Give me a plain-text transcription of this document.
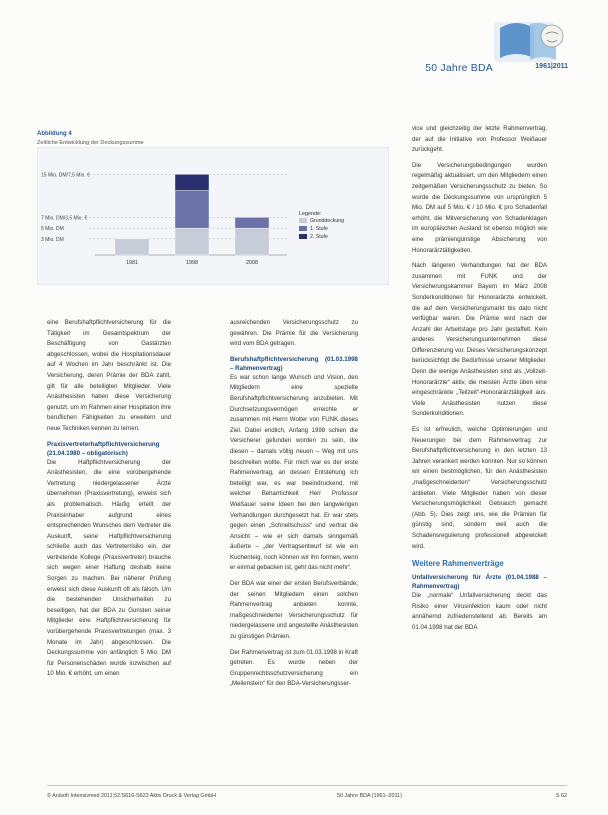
50 Jahre BDA	1961|2011
Abbildung 4
Zeitliche Entwicklung der Deckungssumme
15 Mio. DM/7,5 Mio. €
7 Mio. DM/3,5 Mio. €
5 Mio. DM
3 Mio. DM
1981	1998	2008
Legende:
Grunddeckung
1. Stufe
2. Stufe

eine Berufshaftpflichtversicherung für die Tätigkeit im Gesamtspektrum der Beschäftigung von Gastärzten abgeschlossen, wobei die Hospitationsdauer auf 4 Wochen im Jahr beschränkt ist. Die Versicherung, deren Prämie der BDA zahlt, gilt für alle beteiligten Mitglieder. Viele Anästhesisten haben diese Versicherung genutzt, um im Rahmen einer Hospitation ihre beruflichen Fähigkeiten zu erweitern und neue Techniken kennen zu lernen.

Praxisvertreterhaftpflichtversicherung (21.04.1980 – obligatorisch)

Die Haftpflichtversicherung der Anästhesisten, die eine vorübergehende Vertretung niedergelassener Ärzte übernehmen (Praxisvertretung), erweist sich als problematisch. Häufig erteilt der Praxisinhaber aufgrund eines entsprechenden Wunsches dem Vertreter die Auskunft, seine Haftpflichtversicherung schließe auch das Vertreterrisiko ein, der vertretende Kollege (Praxisvertreter) brauche sich wegen einer Haftung deshalb keine Sorgen zu machen. Bei näherer Prüfung erweist sich diese Auskunft oft als falsch. Um die bestehenden Unsicherheiten zu beseitigen, hat der BDA zu Gunsten seiner Mitglieder eine Haftpflichtversicherung für vorübergehende Praxisvertretungen (max. 3 Monate im Jahr) abgeschlossen. Die Deckungssumme von anfänglich 5 Mio. DM für Personenschäden wurde inzwischen auf 10 Mio. € erhöht, um einen

ausreichenden Versicherungsschutz zu gewähren. Die Prämie für die Versicherung wird vom BDA getragen.

Berufshaftpflichtversicherung (01.03.1998 – Rahmenvertrag)

Es war schon lange Wunsch und Vision, den Mitgliedern eine spezielle Berufshaftpflichtversicherung anzubieten. Mit Durchsetzungsvermögen erreichte er zusammen mit Herrn Wolter von FUNK dieses Ziel. Dabei endlich, Anfang 1998 schien die Versicherer gefunden worden zu sein, die diesen – damals völlig neuen – Weg mit uns beschreiten wollte. Für mich war es der erste Rahmenvertrag, an dessen Entstehung ich beteiligt war, es war beeindruckend, mit welcher Beharrlichkeit Herr Professor Weißauer seine Ideen bei den langwierigen Verhandlungen durchgesetzt hat. Er war stets gegen einen „Schnellschuss“ und vertrat die Ansicht – wie er sich damals sinngemäß äußerte – „der Vertragsentwurf ist wie ein Kuchenteig, noch können wir ihn formen, wenn er einmal gebacken ist, geht das nicht mehr“.

Der BDA war einer der ersten Berufsverbände, der seinen Mitgliedern einen solchen Rahmenvertrag anbieten konnte, maßgeschneiderter Versicherungsschutz für niedergelassene und angestellte Anästhesisten zu günstigen Prämien.

Der Rahmenvertrag ist zum 01.03.1998 in Kraft getreten. Es wurde neben der Gruppenrechtsschutzversicherung ein „Meilenstein“ für den BDA-Versicherungsser-

vice und gleichzeitig der letzte Rahmenvertrag, der auf die Initiative von Professor Weißauer zurückgeht.

Die Versicherungsbedingungen wurden regelmäßig aktualisiert, um den Mitgliedern einen zeitgemäßen Versicherungsschutz zu bieten. So wurde die Deckungssumme von ursprünglich 5 Mio. DM auf 5 Mio. € / 10 Mio. € pro Schadenfall erhöht, die Mitversicherung von Schadenklagen im europäischen Ausland ist ebenso möglich wie eine prämiengünstige Absicherung von Honorarärztätigkeiten.

Nach längeren Verhandlungen hat der BDA zusammen mit FUNK und der Versicherungskammer Bayern im März 2008 Sonderkonditionen für Honorarärzte entwickelt, die auf dem Versicherungsmarkt bis dato nicht verfügbar waren. Die Prämie wird nach der Anzahl der Arbeitstage pro Jahr gestaffelt. Kein anderes Versicherungsunternehmen diese Differenzierung vor. Dieses Versicherungskonzept berücksichtigt die Bedürfnisse unserer Mitglieder. Denn die wenige Anästhesisten sind als „Vollzeit-Honorarärzte“ aktiv, die meisten Ärzte üben eine eingeschränkte „Teilzeit“-Honorarärztätigkeit aus. Viele Anästhesisten nutzen diese Sonderkonditionen.

Es ist erfreulich, welche Optimierungen und Neuerungen bei dem Rahmenvertrag zur Berufshaftpflichtversicherung in den letzten 13 Jahren verankert werden konnten. Nur so können wir einen bestmöglichen, für den Anästhesisten „maßgeschneiderten“ Versicherungsschutz anbieten. Viele Mitglieder haben von dieser Versicherungsmöglichkeit Gebrauch gemacht (Abb. 5). Dies zeigt uns, wie die Prämien für günstig sind, sondern weil auch die Schadensregulierung professionell abgewickelt wird.

Weitere Rahmenverträge
Unfallversicherung für Ärzte (01.04.1988 – Rahmenvertrag)

Die „normale“ Unfallversicherung deckt das Risiko einer Virusinfektion kaum oder nicht annähernd zufriedenstellend ab. Bereits am 01.04.1998 hat der BDA

© Anästh Intensivmed 2011;52:S616-S623 Aktiv Druck & Verlag GmbH	50 Jahre BDA (1961–2011)	S 62
